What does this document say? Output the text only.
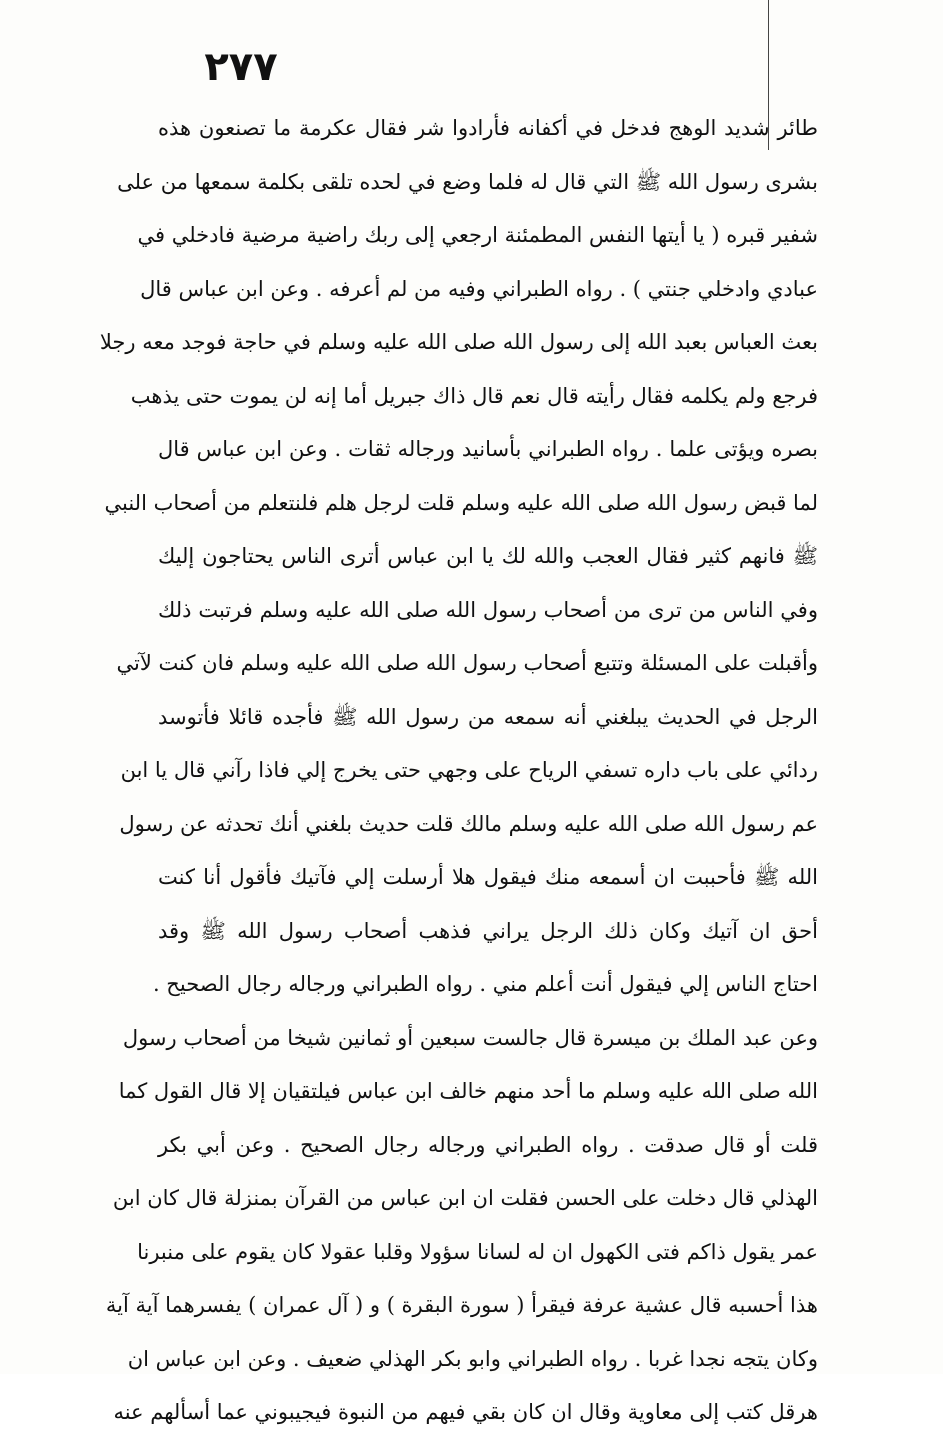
٢٧٧
طائر شديد الوهج فدخل في أكفانه فأرادوا شر فقال عكرمة ما تصنعون هذه
بشرى رسول الله ﷺ التي قال له فلما وضع في لحده تلقى بكلمة سمعها من على
شفير قبره ( يا أيتها النفس المطمئنة ارجعي إلى ربك راضية مرضية فادخلي في
عبادي وادخلي جنتي ) . رواه الطبراني وفيه من لم أعرفه . وعن ابن عباس قال
بعث العباس بعبد الله إلى رسول الله صلى الله عليه وسلم في حاجة فوجد معه رجلا
فرجع ولم يكلمه فقال رأيته قال نعم قال ذاك جبريل أما إنه لن يموت حتى يذهب
بصره ويؤتى علما . رواه الطبراني بأسانيد ورجاله ثقات . وعن ابن عباس قال
لما قبض رسول الله صلى الله عليه وسلم قلت لرجل هلم فلنتعلم من أصحاب النبي
ﷺ فانهم كثير فقال العجب والله لك يا ابن عباس أترى الناس يحتاجون إليك
وفي الناس من ترى من أصحاب رسول الله صلى الله عليه وسلم فرتبت ذلك
وأقبلت على المسئلة وتتبع أصحاب رسول الله صلى الله عليه وسلم فان كنت لآتي
الرجل في الحديث يبلغني أنه سمعه من رسول الله ﷺ فأجده قائلا فأتوسد
ردائي على باب داره تسفي الرياح على وجهي حتى يخرج إلي فاذا رآني قال يا ابن
عم رسول الله صلى الله عليه وسلم مالك قلت حديث بلغني أنك تحدثه عن رسول
الله ﷺ فأحببت ان أسمعه منك فيقول هلا أرسلت إلي فآتيك فأقول أنا كنت
أحق ان آتيك وكان ذلك الرجل يراني فذهب أصحاب رسول الله ﷺ وقد
احتاج الناس إلي فيقول أنت أعلم مني . رواه الطبراني ورجاله رجال الصحيح .
وعن عبد الملك بن ميسرة قال جالست سبعين أو ثمانين شيخا من أصحاب رسول
الله صلى الله عليه وسلم ما أحد منهم خالف ابن عباس فيلتقيان إلا قال القول كما
قلت أو قال صدقت . رواه الطبراني ورجاله رجال الصحيح . وعن أبي بكر
الهذلي قال دخلت على الحسن فقلت ان ابن عباس من القرآن بمنزلة قال كان ابن
عمر يقول ذاكم فتى الكهول ان له لسانا سؤولا وقلبا عقولا كان يقوم على منبرنا
هذا أحسبه قال عشية عرفة فيقرأ ( سورة البقرة ) و ( آل عمران ) يفسرهما آية آية
وكان يتجه نجدا غربا . رواه الطبراني وابو بكر الهذلي ضعيف . وعن ابن عباس ان
هرقل كتب إلى معاوية وقال ان كان بقي فيهم من النبوة فيجيبوني عما أسألهم عنه
